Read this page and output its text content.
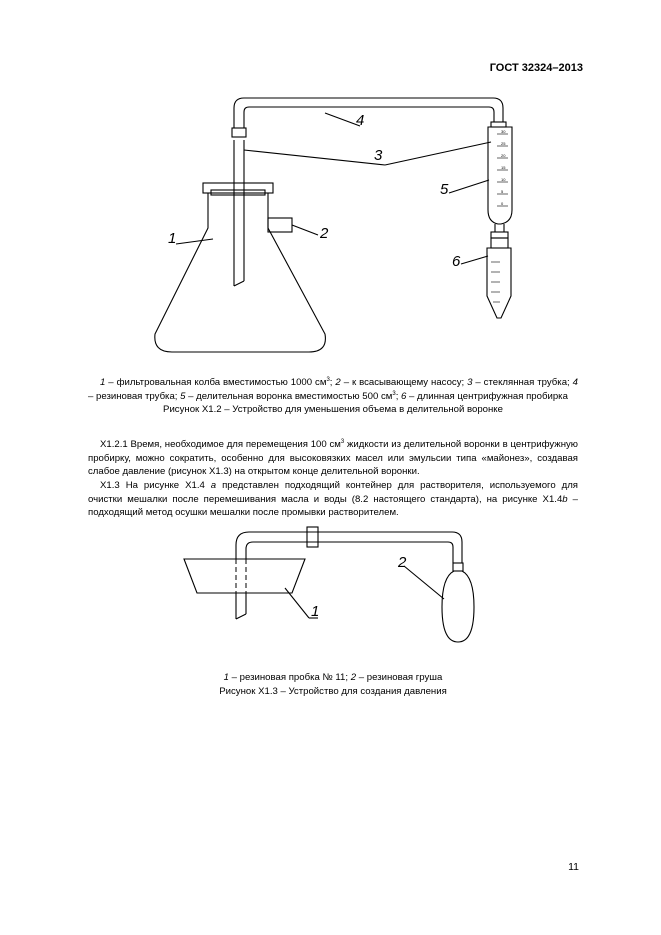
ГОСТ 32324–2013
30
25
20
15
10
5
0
1	2
3
4
5
6
1 – фильтровальная колба вместимостью 1000 $см^3$; 2 – к всасывающему насосу; 3 – стеклянная трубка; 4 – резиновая трубка; 5 – делительная воронка вместимостью 500 $см^3$; 6 – длинная центрифужная пробирка
Рисунок X1.2 – Устройство для уменьшения объема в делительной воронке

X1.2.1 Время, необходимое для перемещения 100 $см^3$ жидкости из делительной воронки в центрифужную пробирку, можно сократить, особенно для высоковязких масел или эмульсии типа «майонез», создавая слабое давление (рисунок X1.3) на открытом конце делительной воронки.

X1.3 На рисунке X1.4 а представлен подходящий контейнер для растворителя, используемого для очистки мешалки после перемешивания масла и воды (8.2 настоящего стандарта), на рисунке X1.4b – подходящий метод осушки мешалки после промывки растворителем.

1
2
1 – резиновая пробка № 11; 2 – резиновая груша
Рисунок X1.3 – Устройство для создания давления
11
